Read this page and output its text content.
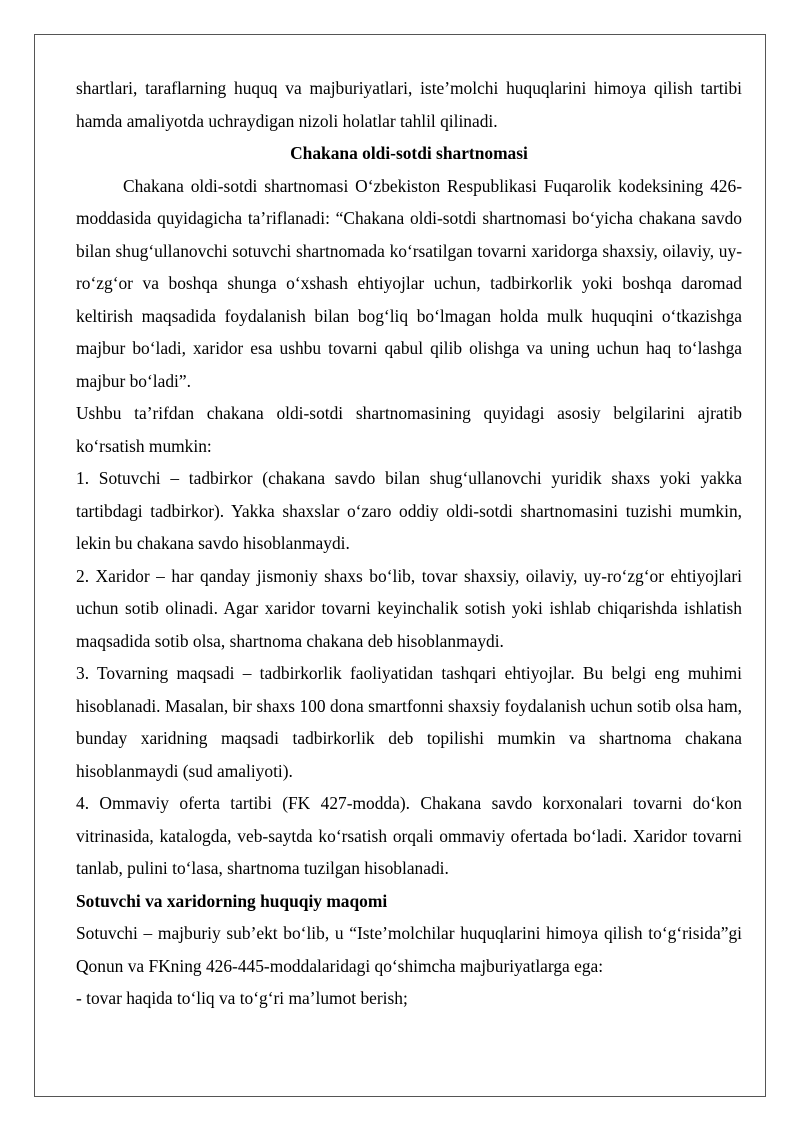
shartlari, taraflarning huquq va majburiyatlari, iste’molchi huquqlarini himoya qilish tartibi hamda amaliyotda uchraydigan nizoli holatlar tahlil qilinadi.

Chakana oldi-sotdi shartnomasi

Chakana oldi-sotdi shartnomasi O‘zbekiston Respublikasi Fuqarolik kodeksining 426-moddasida quyidagicha ta’riflanadi: “Chakana oldi-sotdi shartnomasi bo‘yicha chakana savdo bilan shug‘ullanovchi sotuvchi shartnomada ko‘rsatilgan tovarni xaridorga shaxsiy, oilaviy, uy-ro‘zg‘or va boshqa shunga o‘xshash ehtiyojlar uchun, tadbirkorlik yoki boshqa daromad keltirish maqsadida foydalanish bilan bog‘liq bo‘lmagan holda mulk huquqini o‘tkazishga majbur bo‘ladi, xaridor esa ushbu tovarni qabul qilib olishga va uning uchun haq to‘lashga majbur bo‘ladi”.

Ushbu ta’rifdan chakana oldi-sotdi shartnomasining quyidagi asosiy belgilarini ajratib ko‘rsatish mumkin:

1. Sotuvchi – tadbirkor (chakana savdo bilan shug‘ullanovchi yuridik shaxs yoki yakka tartibdagi tadbirkor). Yakka shaxslar o‘zaro oddiy oldi-sotdi shartnomasini tuzishi mumkin, lekin bu chakana savdo hisoblanmaydi.

2. Xaridor – har qanday jismoniy shaxs bo‘lib, tovar shaxsiy, oilaviy, uy-ro‘zg‘or ehtiyojlari uchun sotib olinadi. Agar xaridor tovarni keyinchalik sotish yoki ishlab chiqarishda ishlatish maqsadida sotib olsa, shartnoma chakana deb hisoblanmaydi.

3. Tovarning maqsadi – tadbirkorlik faoliyatidan tashqari ehtiyojlar. Bu belgi eng muhimi hisoblanadi. Masalan, bir shaxs 100 dona smartfonni shaxsiy foydalanish uchun sotib olsa ham, bunday xaridning maqsadi tadbirkorlik deb topilishi mumkin va shartnoma chakana hisoblanmaydi (sud amaliyoti).

4. Ommaviy oferta tartibi (FK 427-modda). Chakana savdo korxonalari tovarni do‘kon vitrinasida, katalogda, veb-saytda ko‘rsatish orqali ommaviy ofertada bo‘ladi. Xaridor tovarni tanlab, pulini to‘lasa, shartnoma tuzilgan hisoblanadi.

Sotuvchi va xaridorning huquqiy maqomi

Sotuvchi – majburiy sub’ekt bo‘lib, u “Iste’molchilar huquqlarini himoya qilish to‘g‘risida”gi Qonun va FKning 426-445-moddalaridagi qo‘shimcha majburiyatlarga ega:

- tovar haqida to‘liq va to‘g‘ri ma’lumot berish;
